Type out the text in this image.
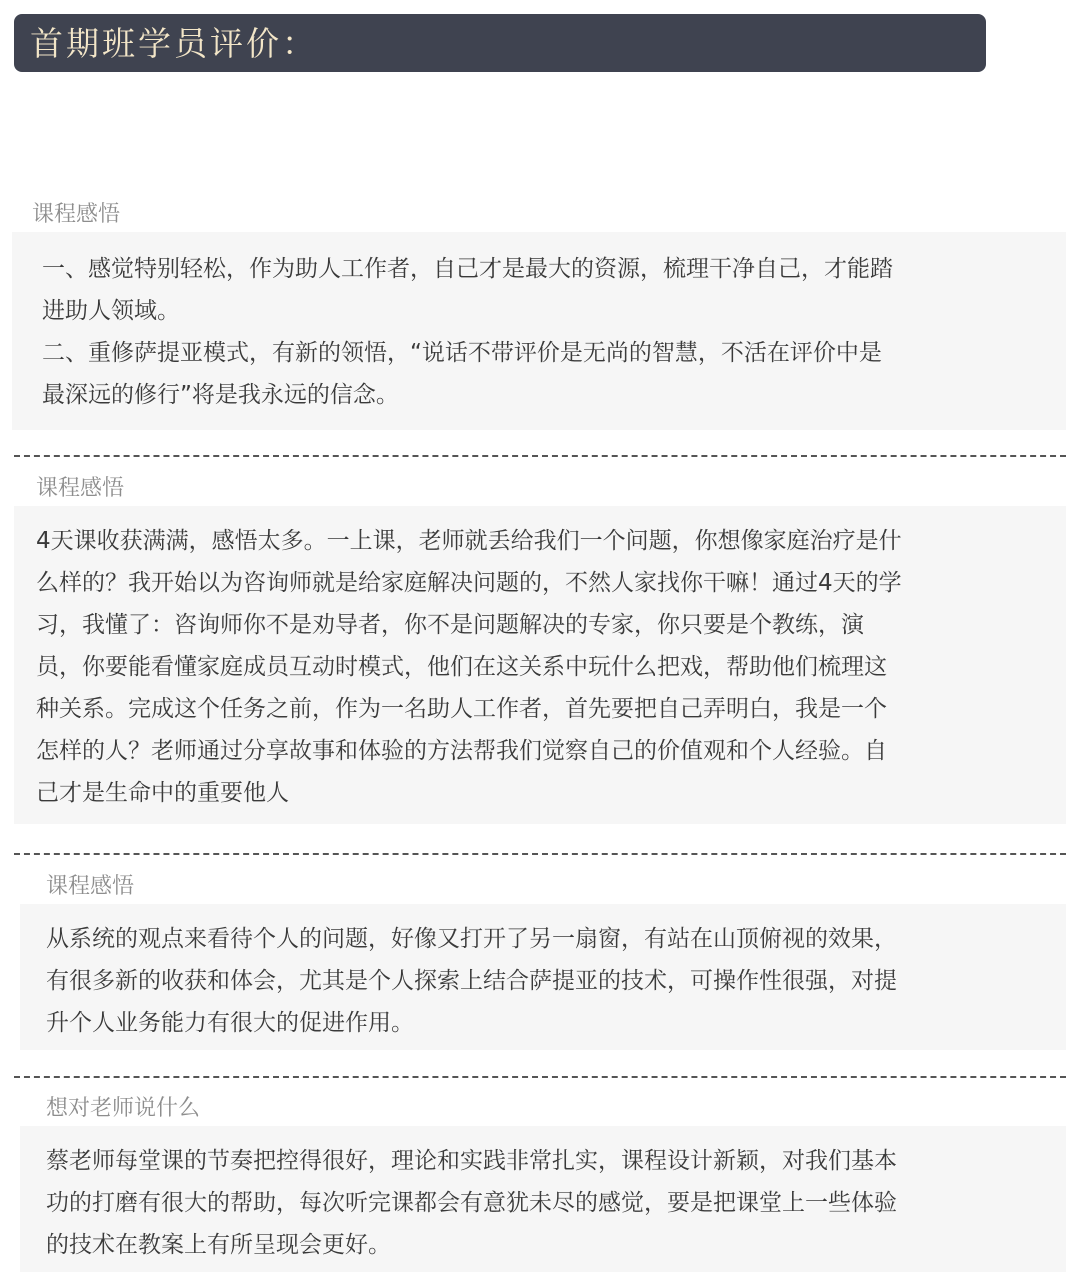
首期班学员评价：
课程感悟

一、感觉特别轻松，作为助人工作者，自己才是最大的资源，梳理干净自己，才能踏

进助人领域。

二、重修萨提亚模式，有新的领悟，“说话不带评价是无尚的智慧，不活在评价中是

最深远的修行”将是我永远的信念。

课程感悟

4天课收获满满，感悟太多。一上课，老师就丢给我们一个问题，你想像家庭治疗是什

么样的？我开始以为咨询师就是给家庭解决问题的，不然人家找你干嘛！通过4天的学

习，我懂了：咨询师你不是劝导者，你不是问题解决的专家，你只要是个教练，演

员，你要能看懂家庭成员互动时模式，他们在这关系中玩什么把戏，帮助他们梳理这

种关系。完成这个任务之前，作为一名助人工作者，首先要把自己弄明白，我是一个

怎样的人？老师通过分享故事和体验的方法帮我们觉察自己的价值观和个人经验。自

己才是生命中的重要他人

课程感悟

从系统的观点来看待个人的问题，好像又打开了另一扇窗，有站在山顶俯视的效果，

有很多新的收获和体会，尤其是个人探索上结合萨提亚的技术，可操作性很强，对提

升个人业务能力有很大的促进作用。

想对老师说什么

蔡老师每堂课的节奏把控得很好，理论和实践非常扎实，课程设计新颖，对我们基本

功的打磨有很大的帮助，每次听完课都会有意犹未尽的感觉，要是把课堂上一些体验

的技术在教案上有所呈现会更好。
